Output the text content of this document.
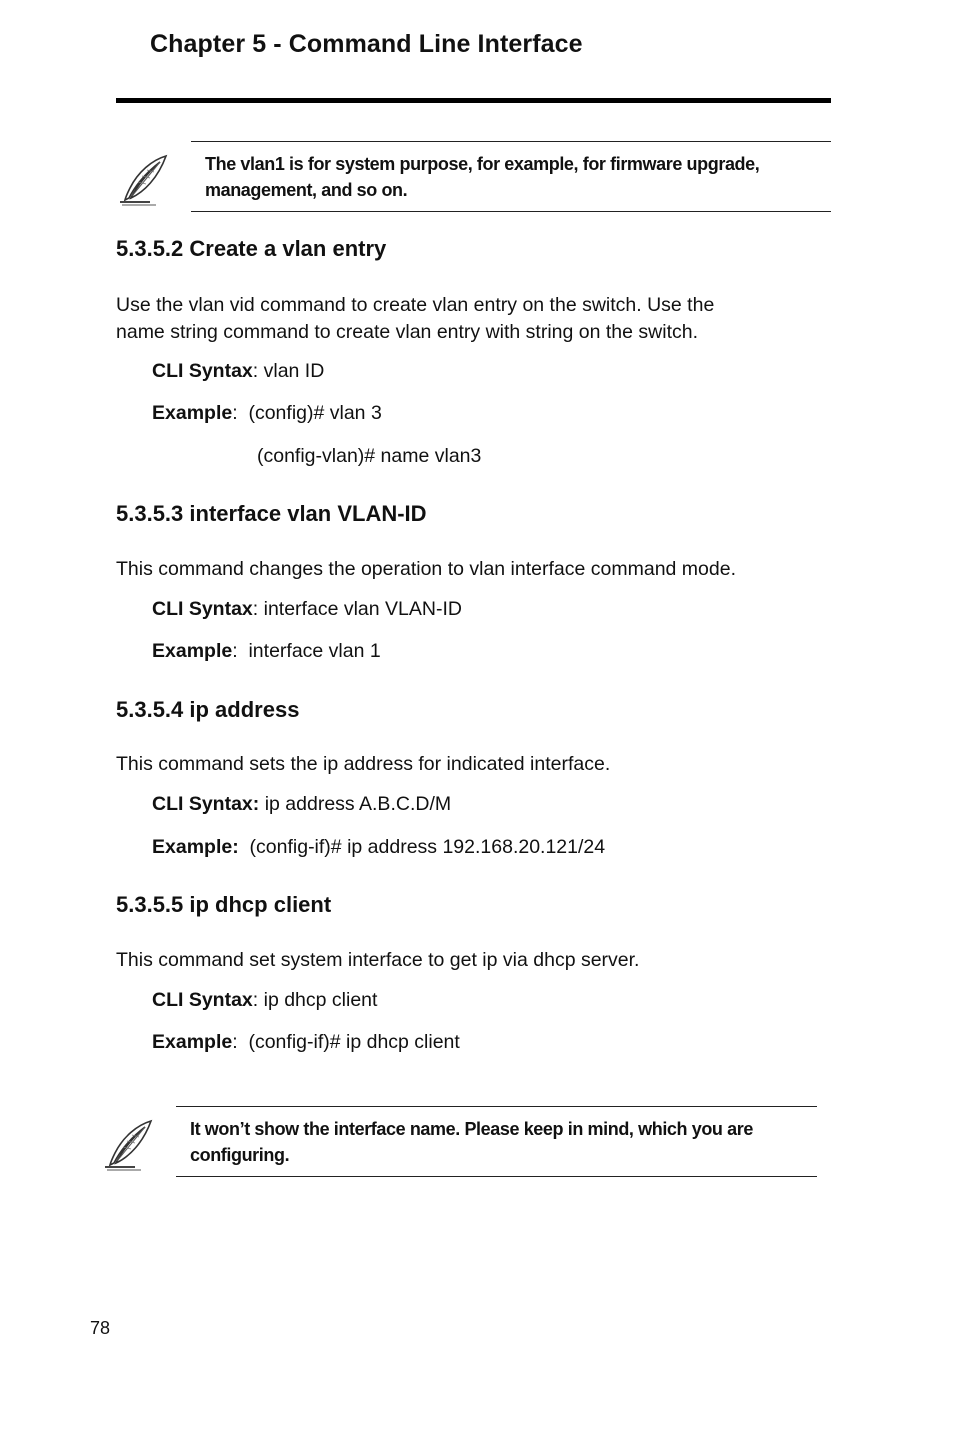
Chapter 5 - Command Line Interface
The vlan1 is for system purpose, for example, for firmware upgrade,
management, and so on.
5.3.5.2 Create a vlan entry
Use the vlan vid command to create vlan entry on the switch. Use the
name string command to create vlan entry with string on the switch.
CLI Syntax: vlan ID
Example:  (config)# vlan 3
(config-vlan)# name vlan3
5.3.5.3 interface vlan VLAN-ID
This command changes the operation to vlan interface command mode.
CLI Syntax: interface vlan VLAN-ID
Example:  interface vlan 1
5.3.5.4 ip address
This command sets the ip address for indicated interface.
CLI Syntax: ip address A.B.C.D/M
Example:  (config-if)# ip address 192.168.20.121/24
5.3.5.5 ip dhcp client
This command set system interface to get ip via dhcp server.
CLI Syntax: ip dhcp client
Example:  (config-if)# ip dhcp client
It won’t show the interface name. Please keep in mind, which you are
configuring.
78
